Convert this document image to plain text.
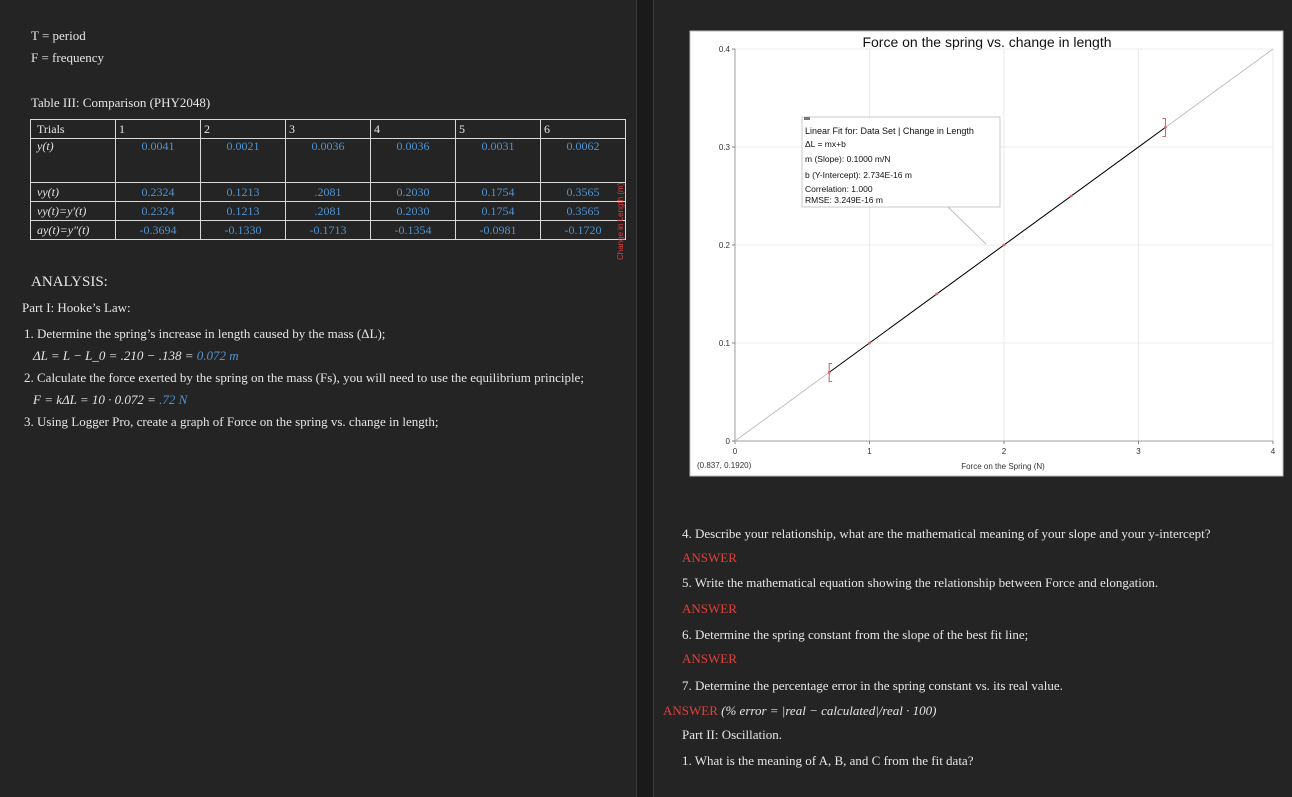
T = period
F = frequency
Table III: Comparison (PHY2048)
Trials	1	2	3	4	5	6
y(t)	0.0041	0.0021	0.0036	0.0036	0.0031	0.0062
vy(t)	0.2324	0.1213	.2081	0.2030	0.1754	0.3565
vy(t)=y′(t)	0.2324	0.1213	.2081	0.2030	0.1754	0.3565
ay(t)=y″(t)	-0.3694	-0.1330	-0.1713	-0.1354	-0.0981	-0.1720
ANALYSIS:
Part I: Hooke’s Law:
1. Determine the spring’s increase in length caused by the mass (ΔL);
ΔL = L − L_0 = .210 − .138 = 0.072 m
2. Calculate the force exerted by the spring on the mass (Fs), you will need to use the equilibrium principle;
F = kΔL = 10 · 0.072 = .72 N
3. Using Logger Pro, create a graph of Force on the spring vs. change in length;
Force on the spring vs. change in length
0	1	2	3	4
0
0.1
0.2
0.3
0.4
Change in Length (m)
Force on the Spring (N)
(0.837, 0.1920)
Linear Fit for: Data Set | Change in Length
ΔL = mx+b
m (Slope): 0.1000 m/N
b (Y-Intercept): 2.734E-16 m
Correlation: 1.000
RMSE: 3.249E-16 m
4. Describe your relationship, what are the mathematical meaning of your slope and your y-intercept?
ANSWER
5. Write the mathematical equation showing the relationship between Force and elongation.
ANSWER
6. Determine the spring constant from the slope of the best fit line;
ANSWER
7. Determine the percentage error in the spring constant vs. its real value.
ANSWER (% error = |real − calculated|/real · 100)
Part II: Oscillation.
1. What is the meaning of A, B, and C from the fit data?
